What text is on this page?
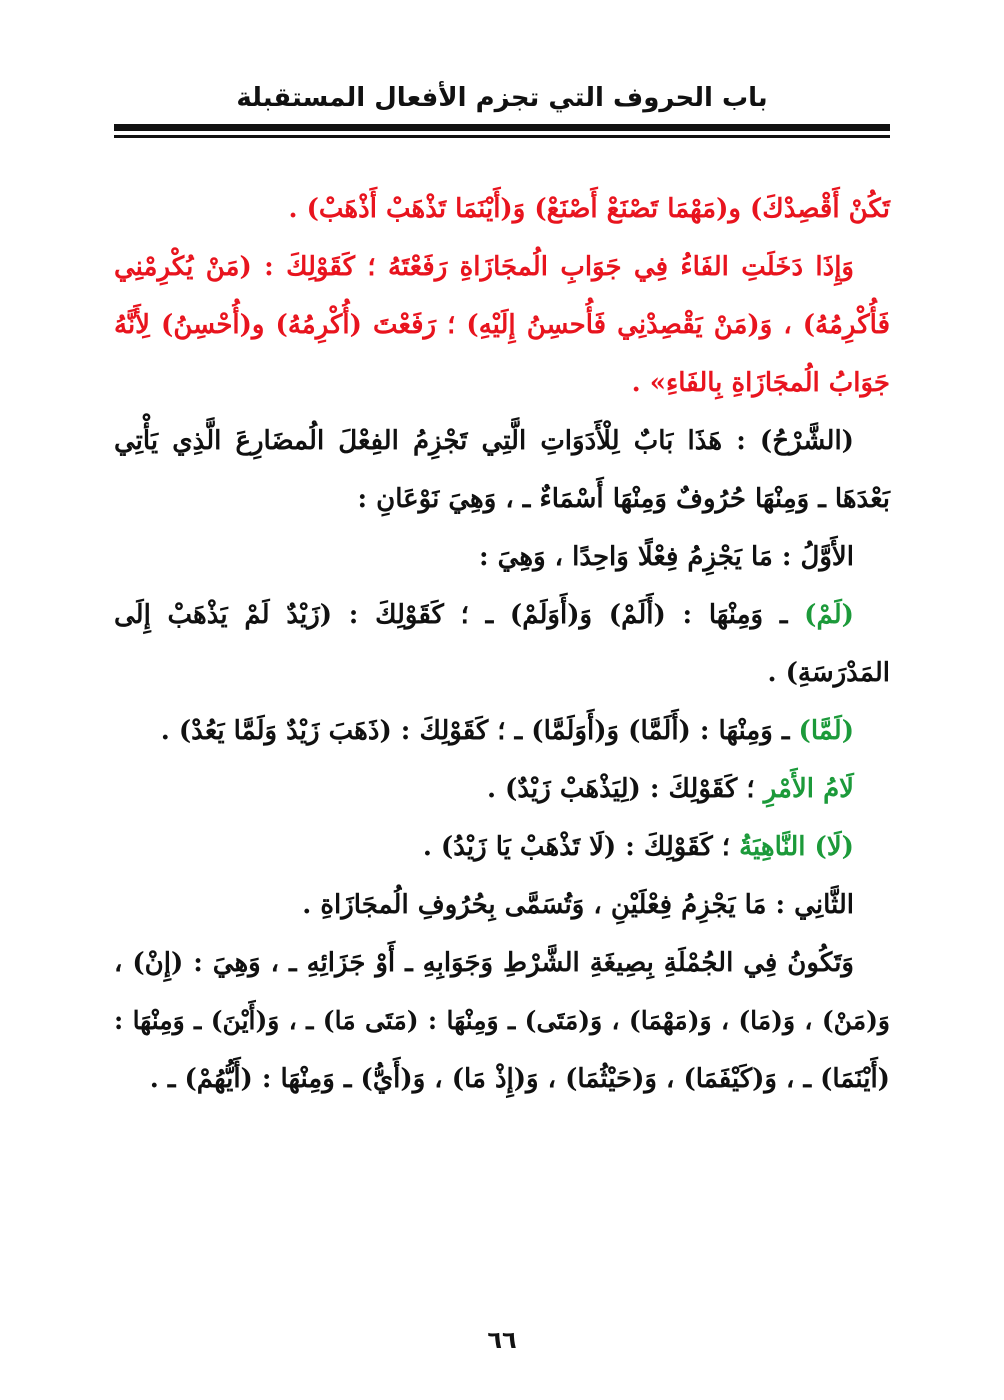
باب الحروف التي تجزم الأفعال المستقبلة
تَكُنْ أَقْصِدْكَ) و(مَهْمَا تَصْنَعْ أَصْنَعْ) وَ(أَيْنَمَا تَذْهَبْ أَذْهَبْ) .
وَإِذَا دَخَلَتِ الفَاءُ فِي جَوَابِ الُمجَازَاةِ رَفَعْتَهُ ؛ كَقَوْلِكَ : (مَنْ يُكْرِمْنِي
فَأُكْرِمُهُ) ، وَ(مَنْ يَقْصِدْنِي فَأُحسِنُ إِلَيْهِ) ؛ رَفَعْتَ (أُكْرِمُهُ) و(أُحْسِنُ) لِأَنَّهُ
جَوَابُ الُمجَازَاةِ بِالفَاءِ» .
(الشَّرْحُ) : هَذَا بَابٌ لِلْأَدَوَاتِ الَّتِي تَجْزِمُ الفِعْلَ الُمضَارِعَ الَّذِي يَأْتِي
بَعْدَهَا ـ وَمِنْهَا حُرُوفٌ وَمِنْهَا أَسْمَاءٌ ـ ، وَهِيَ نَوْعَانِ :
الأَوَّلُ : مَا يَجْزِمُ فِعْلًا وَاحِدًا ، وَهِيَ :
(لَمْ) ـ وَمِنْهَا : (أَلَمْ) وَ(أَوَلَمْ) ـ ؛ كَقَوْلِكَ : (زَيْدٌ لَمْ يَذْهَبْ إِلَى
المَدْرَسَةِ) .
(لَمَّا) ـ وَمِنْهَا : (أَلَمَّا) وَ(أَوَلَمَّا) ـ ؛ كَقَوْلِكَ : (ذَهَبَ زَيْدٌ وَلَمَّا يَعُدْ) .
لَامُ الأَمْرِ ؛ كَقَوْلِكَ : (لِيَذْهَبْ زَيْدٌ) .
(لَا) النَّاهِيَةُ ؛ كَقَوْلِكَ : (لَا تَذْهَبْ يَا زَيْدُ) .
الثَّانِي : مَا يَجْزِمُ فِعْلَيْنِ ، وَتُسَمَّى بِحُرُوفِ الُمجَازَاةِ .
وَتَكُونُ فِي الجُمْلَةِ بِصِيغَةِ الشَّرْطِ وَجَوَابِهِ ـ أَوْ جَزَائِهِ ـ ، وَهِيَ : (إِنْ) ،
وَ(مَنْ) ، وَ(مَا) ، وَ(مَهْمَا) ، وَ(مَتَى) ـ وَمِنْهَا : (مَتَى مَا) ـ ، وَ(أَيْنَ) ـ وَمِنْهَا :
(أَيْنَمَا) ـ ، وَ(كَيْفَمَا) ، وَ(حَيْثُمَا) ، وَ(إِذْ مَا) ، وَ(أَيُّ) ـ وَمِنْهَا : (أَيُّهُمْ) ـ .
٦٦
